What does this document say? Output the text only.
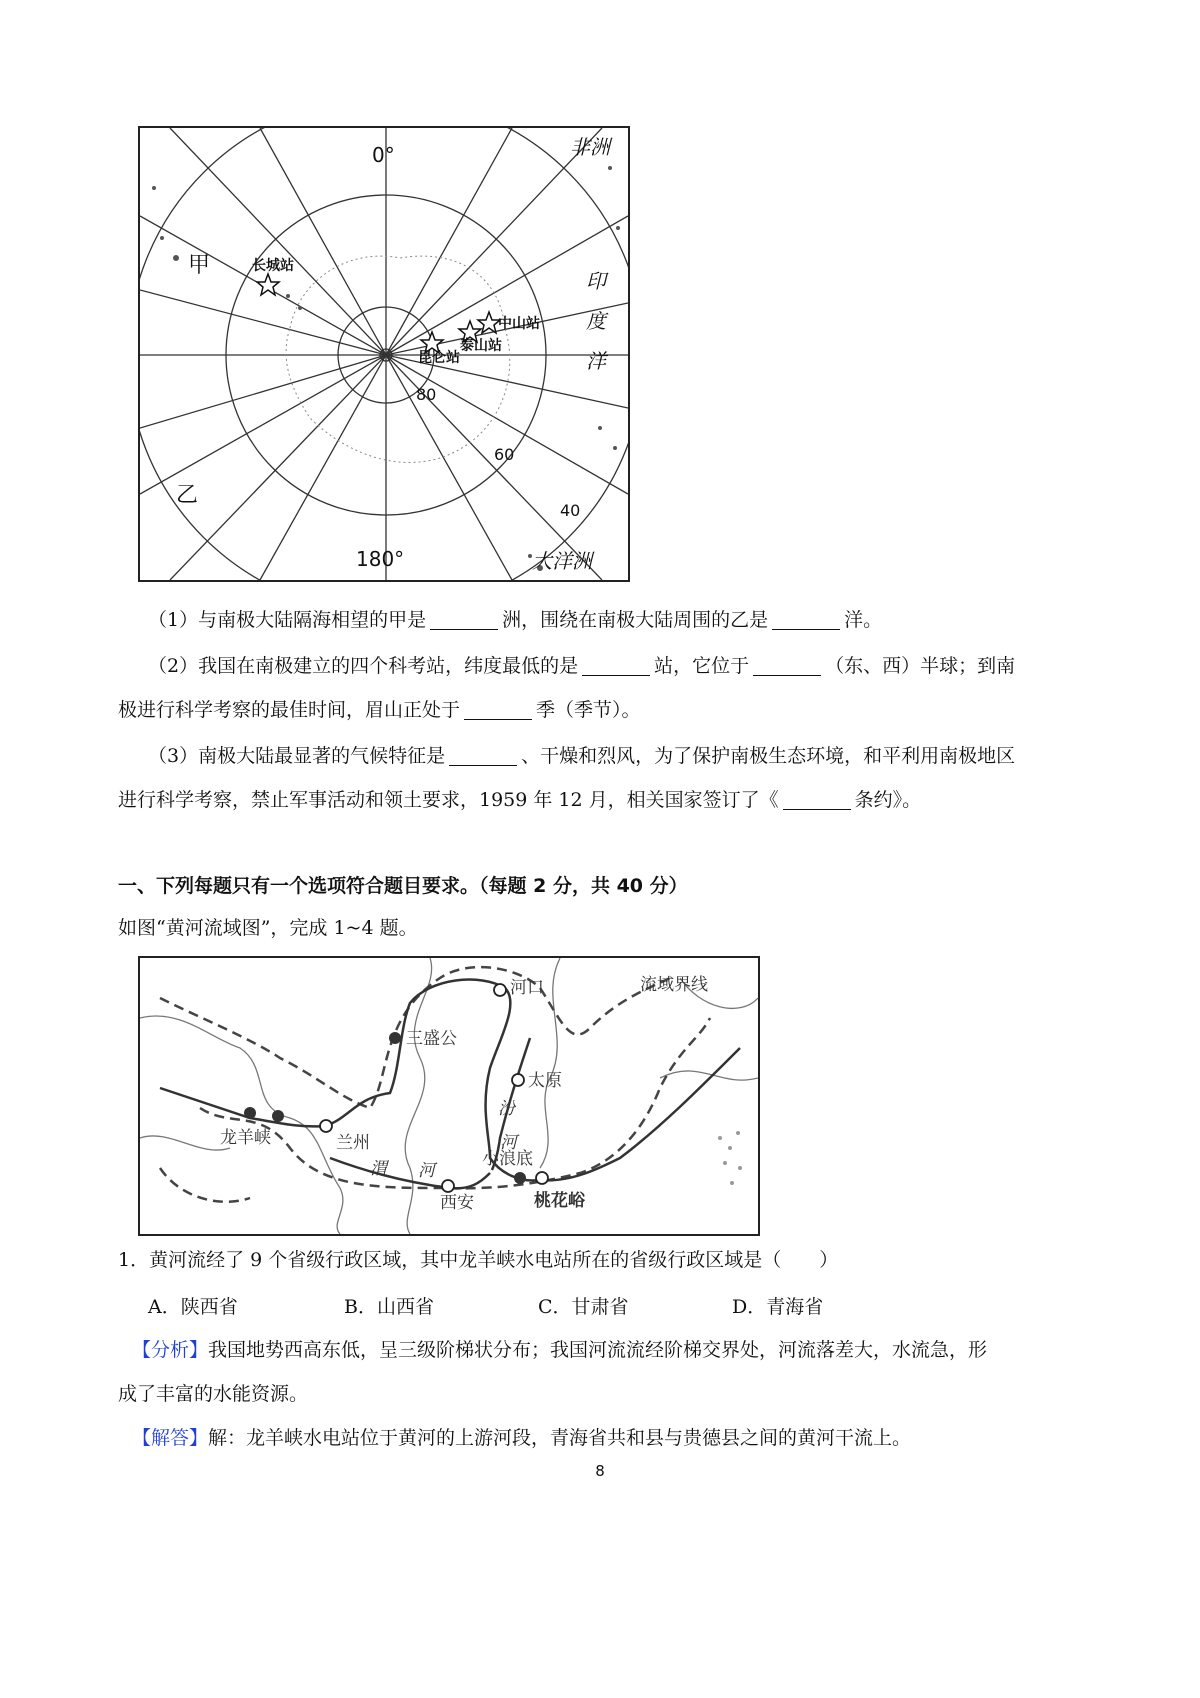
0°
180°
非洲
甲
乙
印
度
洋
大洋洲
长城站
中山站
泰山站
昆仑站
80
60
40
（1）与南极大陆隔海相望的甲是	洲，围绕在南极大陆周围的乙是	洋。
（2）我国在南极建立的四个科考站，纬度最低的是	站，它位于	（东、西）半球；到南
极进行科学考察的最佳时间，眉山正处于	季（季节）。
（3）南极大陆最显著的气候特征是	、干燥和烈风，为了保护南极生态环境，和平利用南极地区
进行科学考察，禁止军事活动和领土要求，1959 年 12 月，相关国家签订了《	条约》。
一、下列每题只有一个选项符合题目要求。（每题 2 分，共 40 分）
如图“黄河流域图”，完成 1~4 题。
流域界线
河口
三盛公
太原
汾
河
龙羊峡	兰州
小浪底
渭 河
西安	桃花峪
1．黄河流经了 9 个省级行政区域，其中龙羊峡水电站所在的省级行政区域是（　　）
A．陕西省	B．山西省	C．甘肃省	D．青海省
【分析】我国地势西高东低，呈三级阶梯状分布；我国河流流经阶梯交界处，河流落差大，水流急，形
成了丰富的水能资源。
【解答】解：龙羊峡水电站位于黄河的上游河段，青海省共和县与贵德县之间的黄河干流上。
8
